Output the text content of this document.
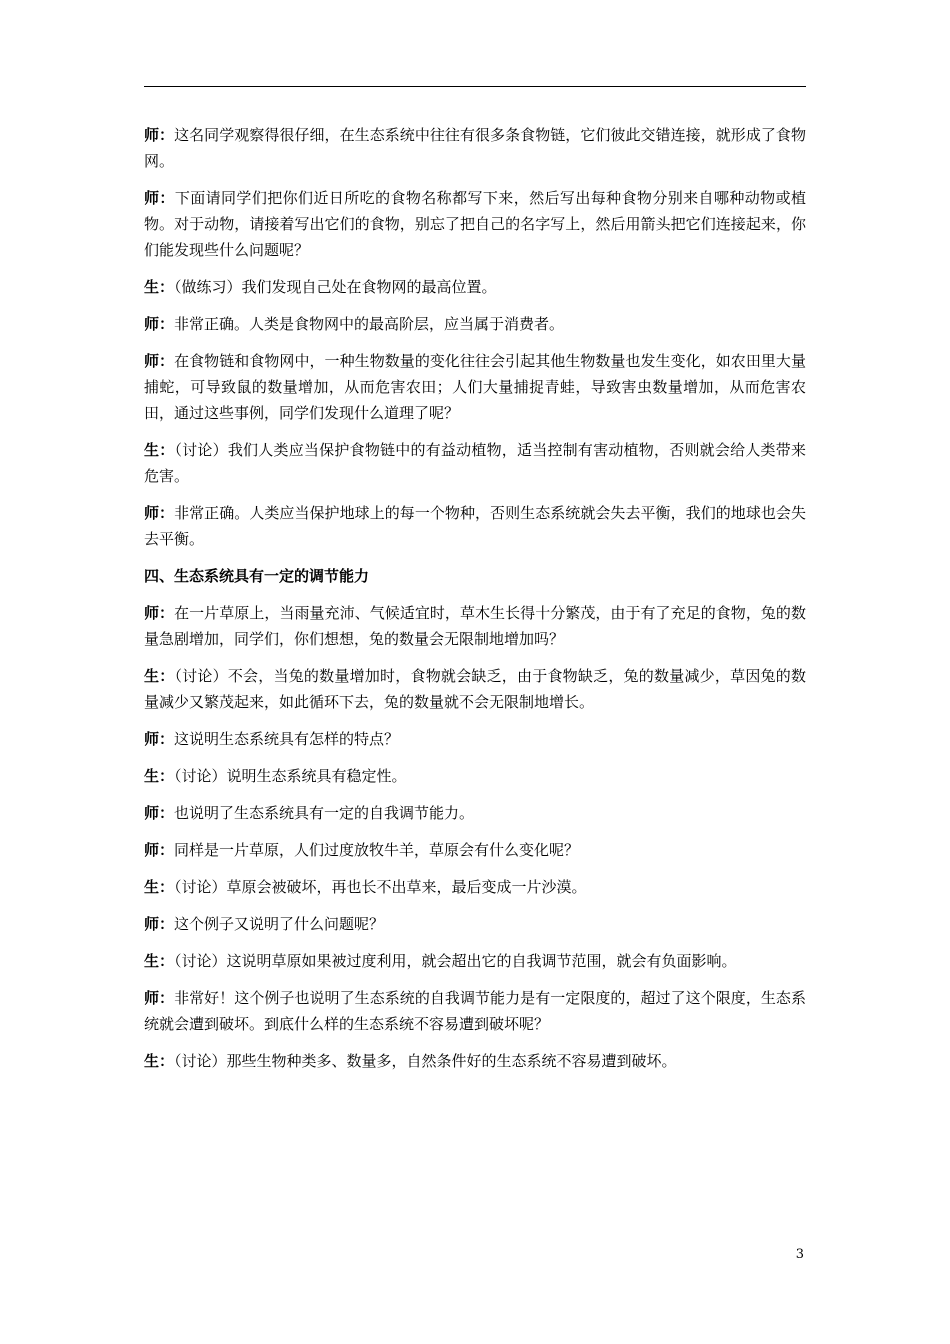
师：这名同学观察得很仔细，在生态系统中往往有很多条食物链，它们彼此交错连接，就形成了食物网。

师：下面请同学们把你们近日所吃的食物名称都写下来，然后写出每种食物分别来自哪种动物或植物。对于动物，请接着写出它们的食物，别忘了把自己的名字写上，然后用箭头把它们连接起来，你们能发现些什么问题呢？

生：（做练习）我们发现自己处在食物网的最高位置。

师：非常正确。人类是食物网中的最高阶层，应当属于消费者。

师：在食物链和食物网中，一种生物数量的变化往往会引起其他生物数量也发生变化，如农田里大量捕蛇，可导致鼠的数量增加，从而危害农田；人们大量捕捉青蛙，导致害虫数量增加，从而危害农田，通过这些事例，同学们发现什么道理了呢？

生：（讨论）我们人类应当保护食物链中的有益动植物，适当控制有害动植物，否则就会给人类带来危害。

师：非常正确。人类应当保护地球上的每一个物种，否则生态系统就会失去平衡，我们的地球也会失去平衡。

四、生态系统具有一定的调节能力

师：在一片草原上，当雨量充沛、气候适宜时，草木生长得十分繁茂，由于有了充足的食物，兔的数量急剧增加，同学们，你们想想，兔的数量会无限制地增加吗？

生：（讨论）不会，当兔的数量增加时，食物就会缺乏，由于食物缺乏，兔的数量减少，草因兔的数量减少又繁茂起来，如此循环下去，兔的数量就不会无限制地增长。

师：这说明生态系统具有怎样的特点？

生：（讨论）说明生态系统具有稳定性。

师：也说明了生态系统具有一定的自我调节能力。

师：同样是一片草原，人们过度放牧牛羊，草原会有什么变化呢？

生：（讨论）草原会被破坏，再也长不出草来，最后变成一片沙漠。

师：这个例子又说明了什么问题呢？

生：（讨论）这说明草原如果被过度利用，就会超出它的自我调节范围，就会有负面影响。

师：非常好！这个例子也说明了生态系统的自我调节能力是有一定限度的，超过了这个限度，生态系统就会遭到破坏。到底什么样的生态系统不容易遭到破坏呢？

生：（讨论）那些生物种类多、数量多，自然条件好的生态系统不容易遭到破坏。

3
